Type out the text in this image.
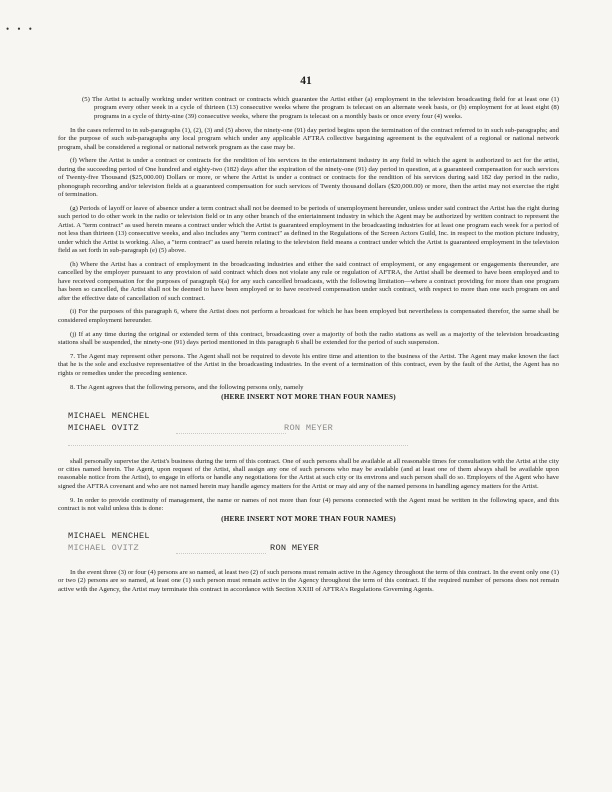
• • •
41

(5) The Artist is actually working under written contract or contracts which guarantee the Artist either (a) employment in the television broadcasting field for at least one (1) program every other week in a cycle of thirteen (13) consecutive weeks where the program is telecast on an alternate week basis, or (b) employment for at least eight (8) programs in a cycle of thirty-nine (39) consecutive weeks, where the program is telecast on a monthly basis or once every four (4) weeks.

In the cases referred to in sub-paragraphs (1), (2), (3) and (5) above, the ninety-one (91) day period begins upon the termination of the contract referred to in such sub-paragraphs; and for the purpose of such sub-paragraphs any local program which under any applicable AFTRA collective bargaining agreement is the equivalent of a regional or national network program, shall be considered a regional or national network program as the case may be.

(f) Where the Artist is under a contract or contracts for the rendition of his services in the entertainment industry in any field in which the agent is authorized to act for the artist, during the succeeding period of One hundred and eighty-two (182) days after the expiration of the ninety-one (91) day period in question, at a guaranteed compensation for such services of Twenty-five Thousand ($25,000.00) Dollars or more, or where the Artist is under a contract or contracts for the rendition of his services during said 182 day period in the radio, phonograph recording and/or television fields at a guaranteed compensation for such services of Twenty thousand dollars ($20,000.00) or more, then the artist may not exercise the right of termination.

(g) Periods of layoff or leave of absence under a term contract shall not be deemed to be periods of unemployment hereunder, unless under said contract the Artist has the right during such period to do other work in the radio or television field or in any other branch of the entertainment industry in which the Agent may be authorized by written contract to represent the Artist. A "term contract" as used herein means a contract under which the Artist is guaranteed employment in the broadcasting industries for at least one program each week for a period of not less than thirteen (13) consecutive weeks, and also includes any "term contract" as defined in the Regulations of the Screen Actors Guild, Inc. in respect to the motion picture industry, under which the Artist is working. Also, a "term contract" as used herein relating to the television field means a contract under which the Artist is guaranteed employment in the television field as set forth in sub-paragraph (e) (5) above.

(h) Where the Artist has a contract of employment in the broadcasting industries and either the said contract of employment, or any engagement or engagements thereunder, are cancelled by the employer pursuant to any provision of said contract which does not violate any rule or regulation of AFTRA, the Artist shall be deemed to have been employed and to have received compensation for the purposes of paragraph 6(a) for any such cancelled broadcasts, with the following limitation—where a contract providing for more than one program has been so cancelled, the Artist shall not be deemed to have been employed or to have received compensation under such contract, with respect to more than one such program on and after the effective date of cancellation of such contract.

(i) For the purposes of this paragraph 6, where the Artist does not perform a broadcast for which he has been employed but nevertheless is compensated therefor, the same shall be considered employment hereunder.

(j) If at any time during the original or extended term of this contract, broadcasting over a majority of both the radio stations as well as a majority of the television broadcasting stations shall be suspended, the ninety-one (91) days period mentioned in this paragraph 6 shall be extended for the period of such suspension.

7. The Agent may represent other persons. The Agent shall not be required to devote his entire time and attention to the business of the Artist. The Agent may make known the fact that he is the sole and exclusive representative of the Artist in the broadcasting industries. In the event of a termination of this contract, even by the fault of the Artist, the Agent has no rights or remedies under the preceding sentence.

8. The Agent agrees that the following persons, and the following persons only, namely

(HERE INSERT NOT MORE THAN FOUR NAMES)
MICHAEL MENCHEL
MICHAEL OVITZ	RON MEYER

shall personally supervise the Artist's business during the term of this contract. One of such persons shall be available at all reasonable times for consultation with the Artist at the city or cities named herein. The Agent, upon request of the Artist, shall assign any one of such persons who may be available (and at least one of them always shall be available upon reasonable notice from the Artist), to engage in efforts or handle any negotiations for the Artist at such city or its environs and such person shall do so. Employers of the Agent who have signed the AFTRA covenant and who are not named herein may handle agency matters for the Artist or may aid any of the named persons in handling agency matters for the Artist.

9. In order to provide continuity of management, the name or names of not more than four (4) persons connected with the Agent must be written in the following space, and this contract is not valid unless this is done:

(HERE INSERT NOT MORE THAN FOUR NAMES)
MICHAEL MENCHEL
MICHAEL OVITZ	RON MEYER

In the event three (3) or four (4) persons are so named, at least two (2) of such persons must remain active in the Agency throughout the term of this contract. In the event only one (1) or two (2) persons are so named, at least one (1) such person must remain active in the Agency throughout the term of this contract. If the required number of persons does not remain active with the Agency, the Artist may terminate this contract in accordance with Section XXIII of AFTRA's Regulations Governing Agents.
